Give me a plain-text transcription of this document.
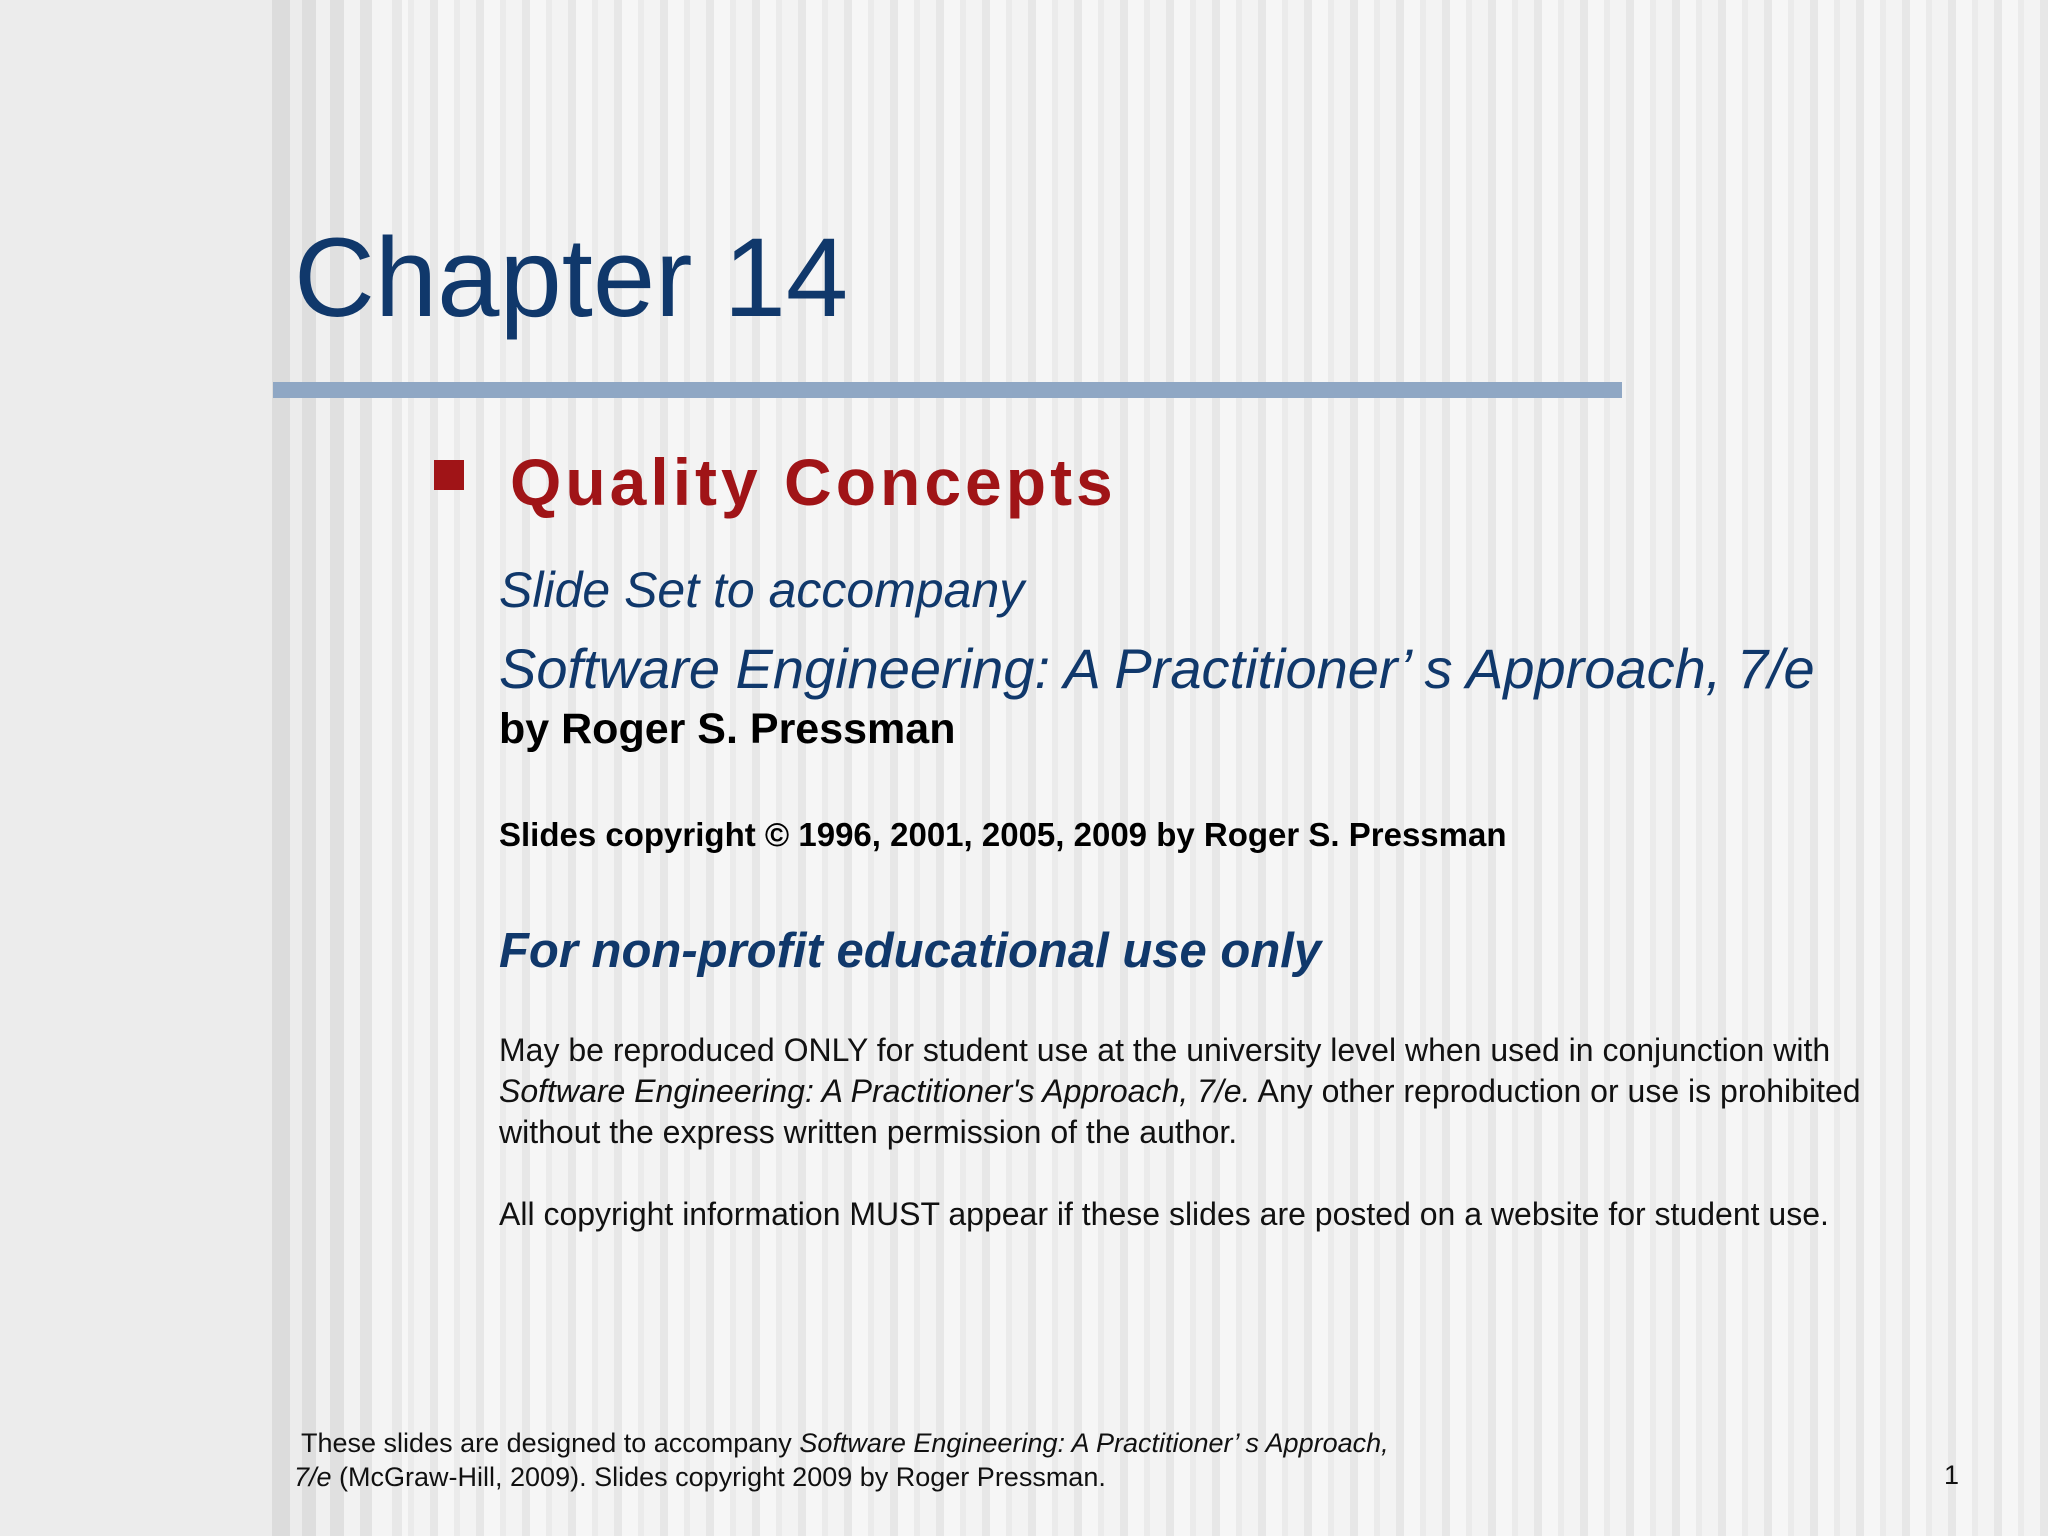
Chapter 14
Quality Concepts
Slide Set to accompany
Software Engineering: A Practitioner’ s Approach, 7/e
by Roger S. Pressman
Slides copyright © 1996, 2001, 2005, 2009 by Roger S. Pressman
For non-profit educational use only
May be reproduced ONLY for student use at the university level when used in conjunction with Software Engineering: A Practitioner's Approach, 7/e. Any other reproduction or use is prohibited without the express written permission of the author.
All copyright information MUST appear if these slides are posted on a website for student use.
These slides are designed to accompany Software Engineering: A Practitioner’ s Approach,
7/e (McGraw-Hill, 2009). Slides copyright 2009 by Roger Pressman.	1
